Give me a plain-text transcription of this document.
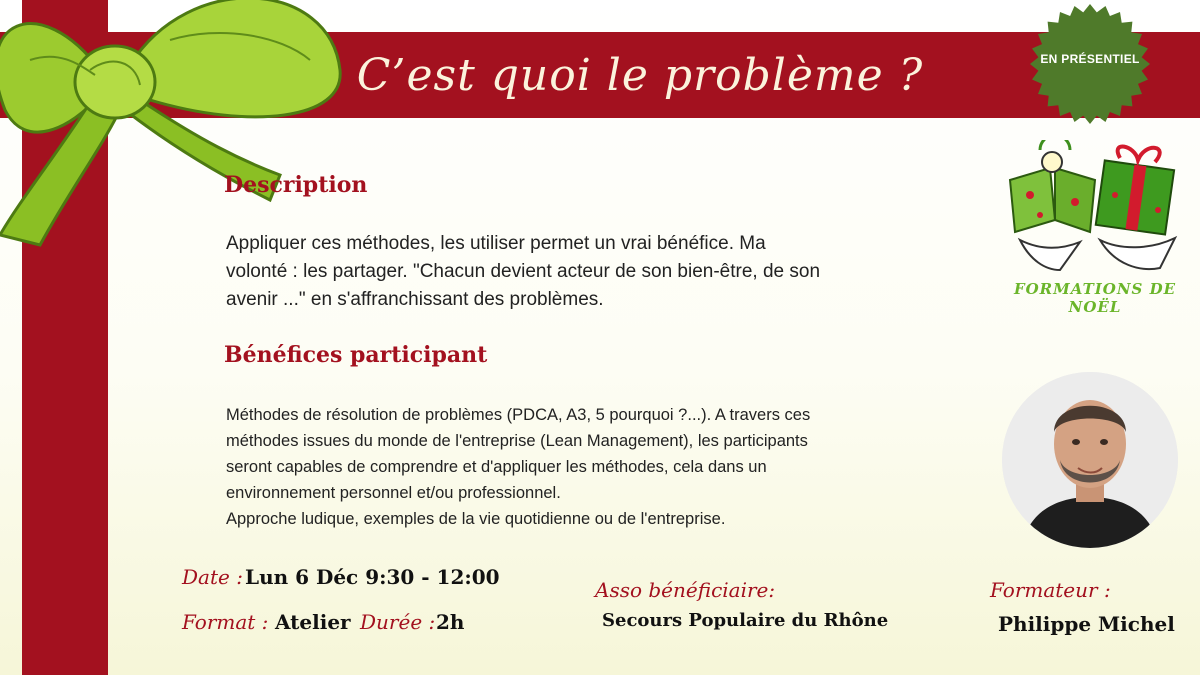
C’est quoi le problème ?	EN PRÉSENTIEL
FORMATIONS DE NOËL
Description
Appliquer ces méthodes, les utiliser permet un vrai bénéfice. Ma
volonté : les partager. "Chacun devient acteur de son bien-être, de son
avenir ..." en s'affranchissant des problèmes.
Bénéfices participant
Méthodes de résolution de problèmes (PDCA, A3, 5 pourquoi ?...). A travers ces
méthodes issues du monde de l'entreprise (Lean Management), les participants
seront capables de comprendre et d'appliquer les méthodes, cela dans un
environnement personnel et/ou professionnel.
Approche ludique, exemples de la vie quotidienne ou de l'entreprise.
Date : Lun 6 Déc 9:30 - 12:00
Format : Atelier Durée : 2h
Asso bénéficiaire:
Secours Populaire du Rhône
Formateur :
Philippe Michel
